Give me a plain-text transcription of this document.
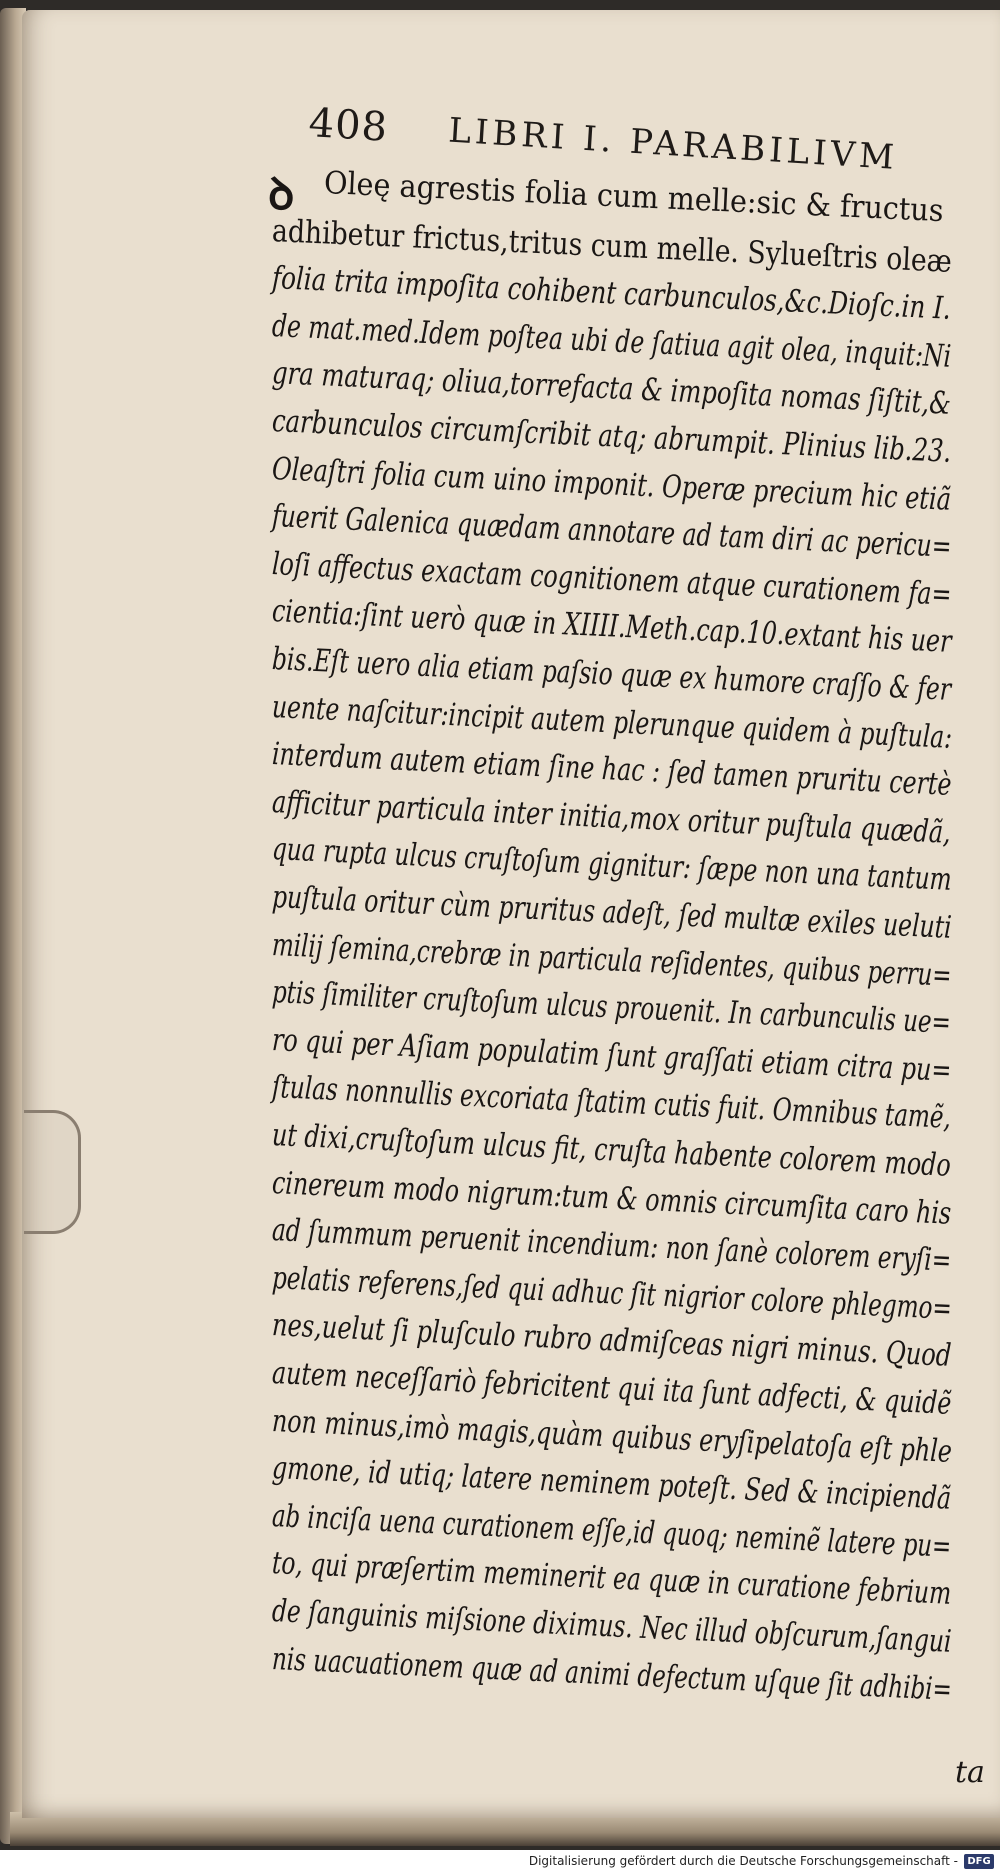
408 LIBRI I. PARABILIVM
ꝺ Oleę agrestis folia cum melle:sic & fructus
adhibetur frictus,tritus cum melle. Sylueſtris oleæ
folia trita impoſita cohibent carbunculos,&c.Dioſc.in I.
de mat.med.Idem poſtea ubi de ſatiua agit olea, inquit:Ni
gra maturaq; oliua,torrefacta & impoſita nomas ſiſtit,&
carbunculos circumſcribit atq; abrumpit. Plinius lib.23.
Oleaſtri folia cum uino imponit. Operæ precium hic etiã
fuerit Galenica quædam annotare ad tam diri ac pericu=
loſi affectus exactam cognitionem atque curationem fa=
cientia:ſint uerò quæ in XIIII.Meth.cap.10.extant his uer
bis.Eſt uero alia etiam paſsio quæ ex humore craſſo & fer
uente naſcitur:incipit autem plerunque quidem à puſtula:
interdum autem etiam ſine hac : ſed tamen pruritu certè
afficitur particula inter initia,mox oritur puſtula quædã,
qua rupta ulcus cruſtoſum gignitur: ſæpe non una tantum
puſtula oritur cùm pruritus adeſt, ſed multæ exiles ueluti
milij ſemina,crebræ in particula reſidentes, quibus perru=
ptis ſimiliter cruſtoſum ulcus prouenit. In carbunculis ue=
ro qui per Aſiam populatim ſunt graſſati etiam citra pu=
ſtulas nonnullis excoriata ſtatim cutis fuit. Omnibus tamẽ,
ut dixi,cruſtoſum ulcus fit, cruſta habente colorem modo
cinereum modo nigrum:tum & omnis circumſita caro his
ad ſummum peruenit incendium: non ſanè colorem eryſi=
pelatis referens,ſed qui adhuc ſit nigrior colore phlegmo=
nes,uelut ſi pluſculo rubro admiſceas nigri minus. Quod
autem neceſſariò febricitent qui ita ſunt adfecti, & quidẽ
non minus,imò magis,quàm quibus eryſipelatoſa eſt phle
gmone, id utiq; latere neminem poteſt. Sed & incipiendã
ab inciſa uena curationem eſſe,id quoq; neminẽ latere pu=
to, qui præſertim meminerit ea quæ in curatione febrium
de ſanguinis miſsione diximus. Nec illud obſcurum,ſangui
nis uacuationem quæ ad animi defectum uſque ſit adhibi=
ta
Digitalisierung gefördert durch die Deutsche Forschungsgemeinschaft - DFG
